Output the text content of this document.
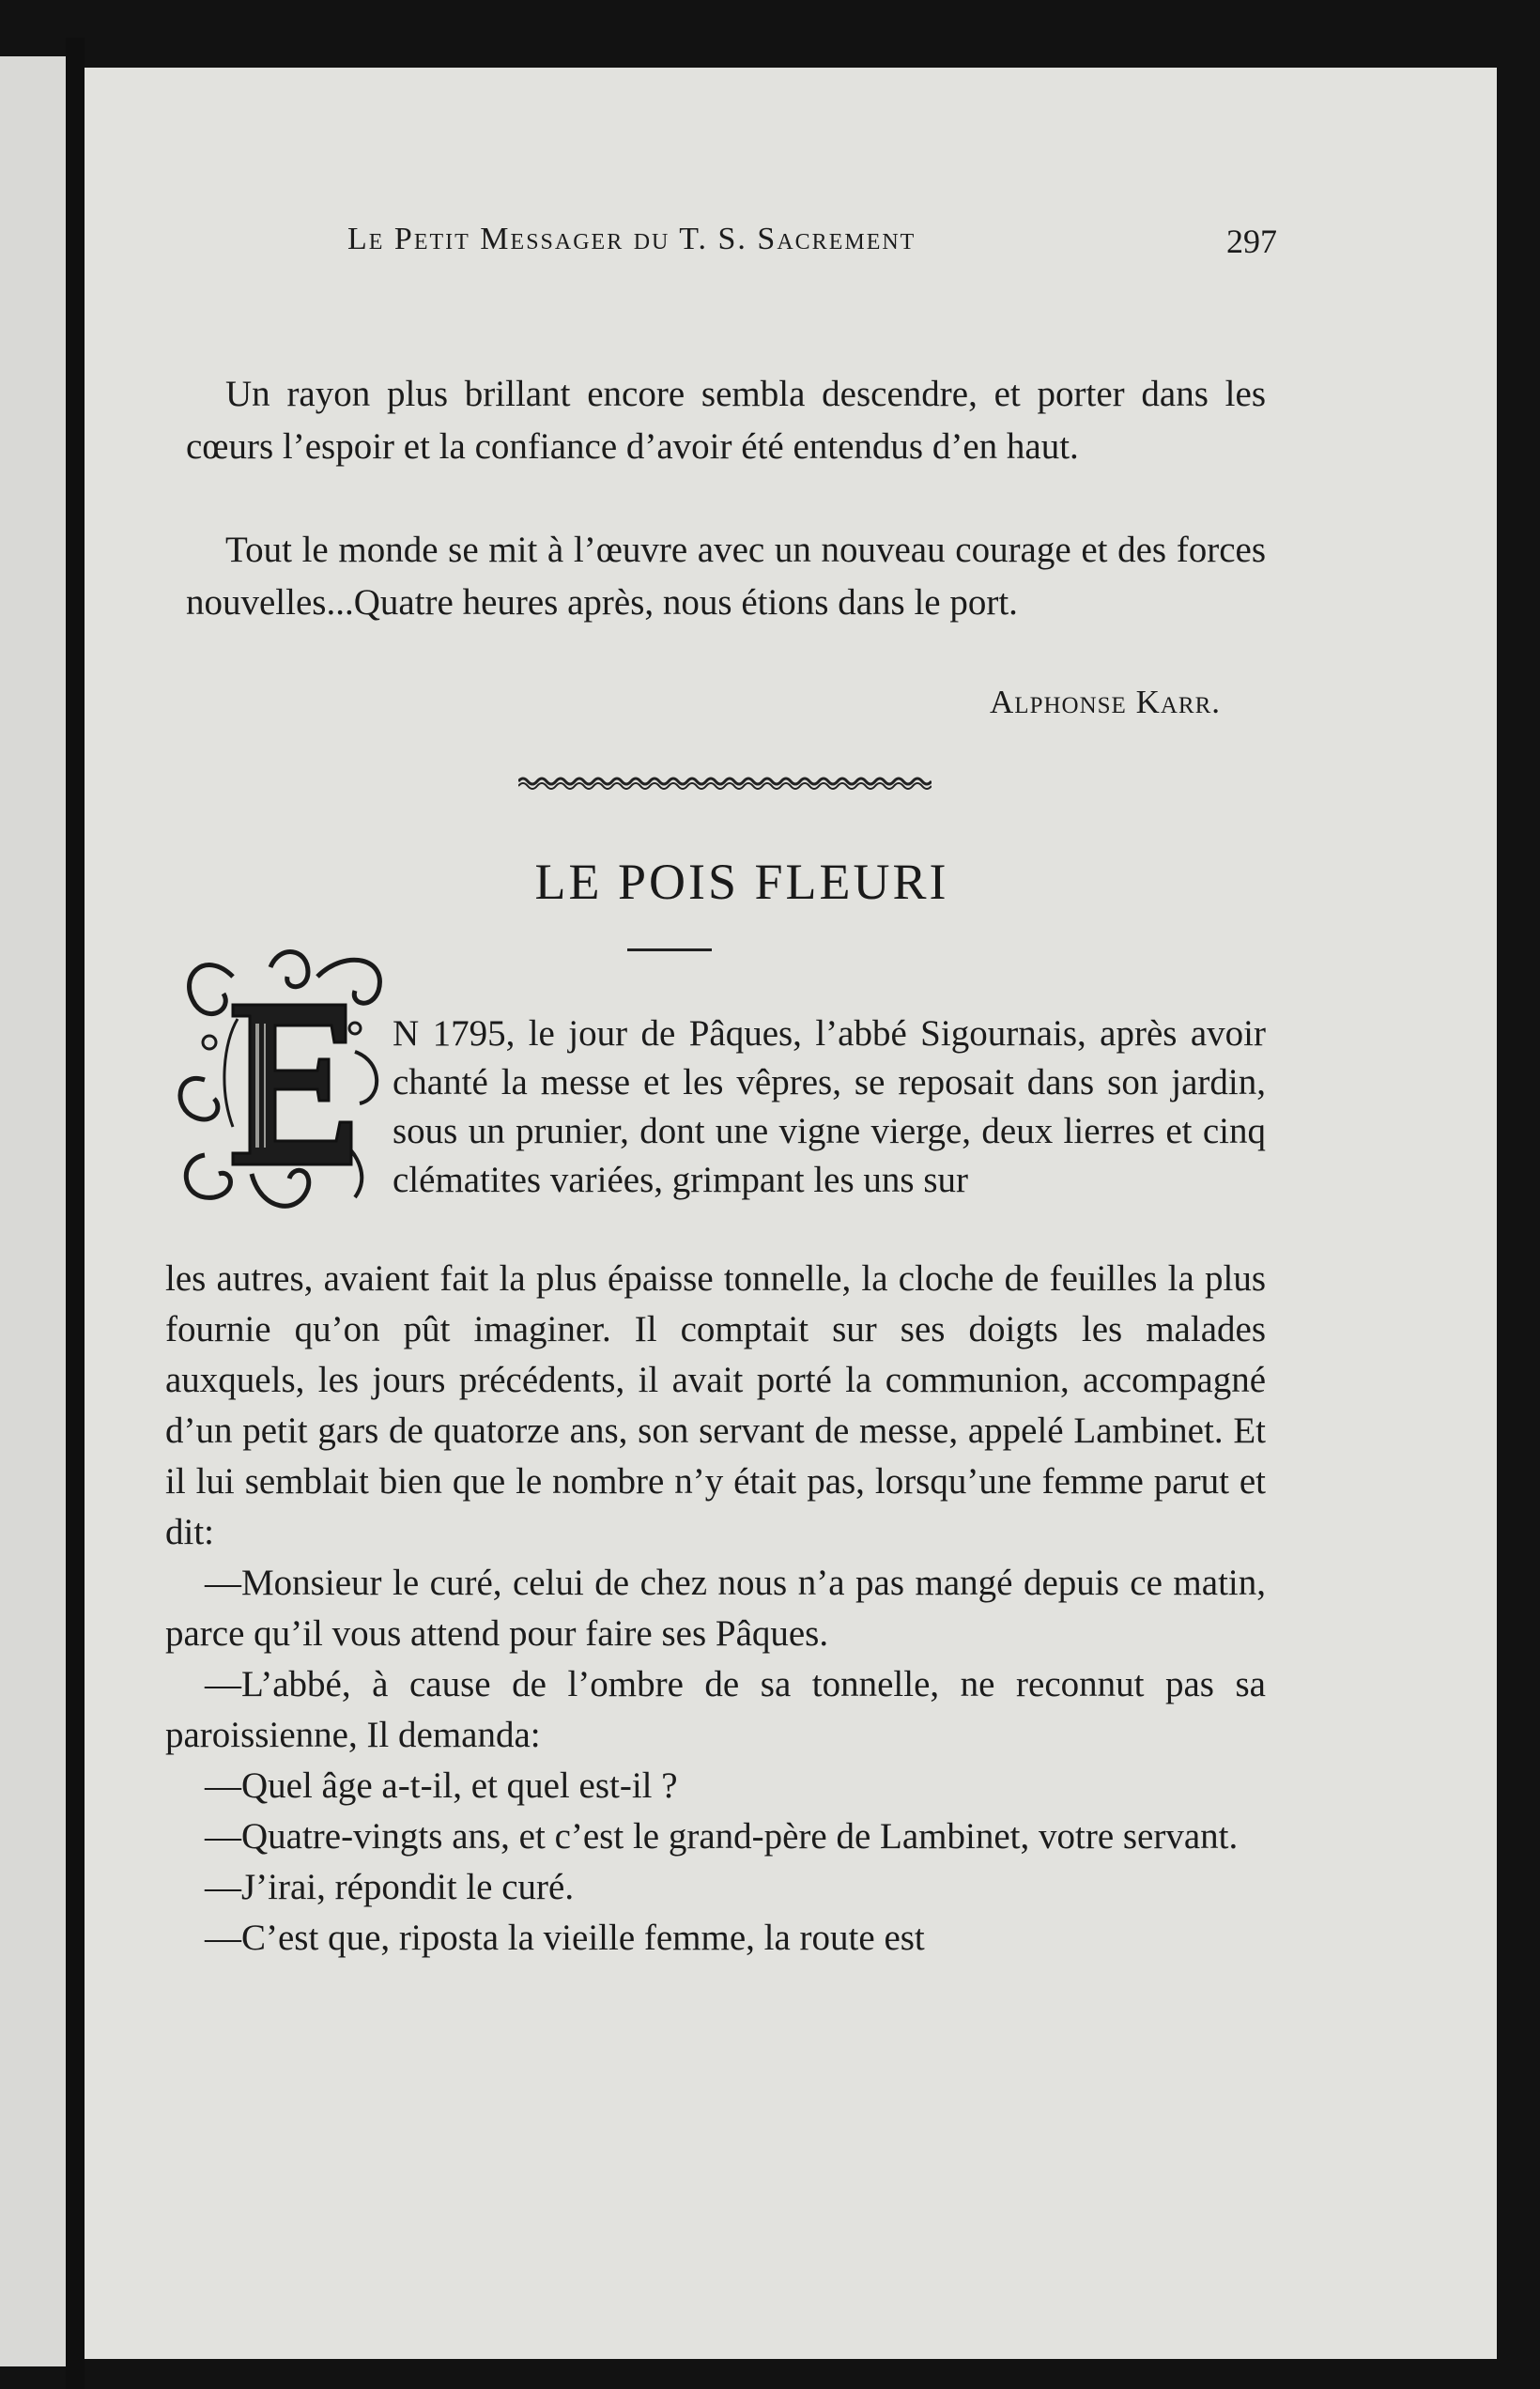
Le Petit Messager du T. S. Sacrement	297

Un rayon plus brillant encore sembla descendre, et porter dans les cœurs l’espoir et la confiance d’avoir été entendus d’en haut.

Tout le monde se mit à l’œuvre avec un nouveau courage et des forces nouvelles...Quatre heures après, nous étions dans le port.

Alphonse Karr.
LE POIS FLEURI

N 1795, le jour de Pâques, l’abbé Sigournais, après avoir chanté la messe et les vêpres, se reposait dans son jardin, sous un prunier, dont une vigne vierge, deux lierres et cinq clématites variées, grimpant les uns sur

les autres, avaient fait la plus épaisse tonnelle, la cloche de feuilles la plus fournie qu’on pût imaginer. Il comptait sur ses doigts les malades auxquels, les jours précédents, il avait porté la communion, accompagné d’un petit gars de quatorze ans, son servant de messe, appelé Lambinet. Et il lui semblait bien que le nombre n’y était pas, lorsqu’une femme parut et dit:

—Monsieur le curé, celui de chez nous n’a pas mangé depuis ce matin, parce qu’il vous attend pour faire ses Pâques.

—L’abbé, à cause de l’ombre de sa tonnelle, ne reconnut pas sa paroissienne, Il demanda:

—Quel âge a-t-il, et quel est-il ?

—Quatre-vingts ans, et c’est le grand-père de Lambinet, votre servant.

—J’irai, répondit le curé.

—C’est que, riposta la vieille femme, la route est
